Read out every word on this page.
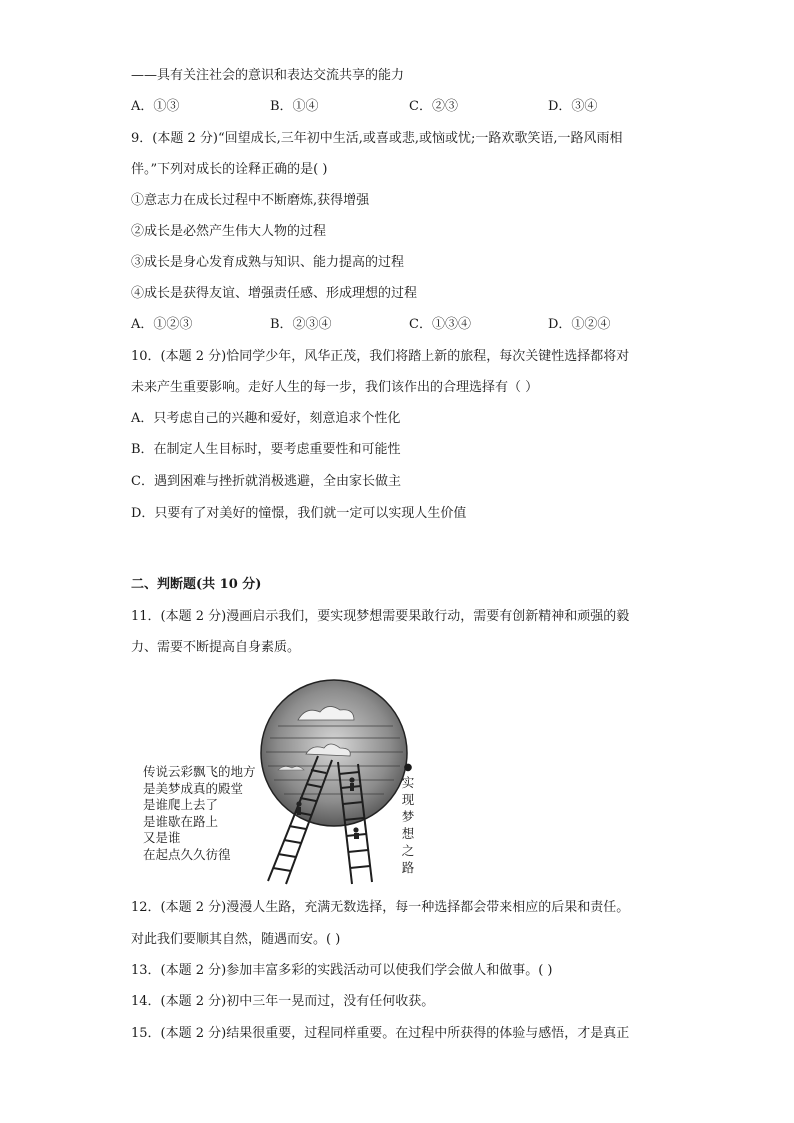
——具有关注社会的意识和表达交流共享的能力
A．①③	B．①④	C．②③	D．③④
9．(本题 2 分)“回望成长,三年初中生活,或喜或悲,或恼或忧;一路欢歌笑语,一路风雨相
伴。”下列对成长的诠释正确的是( )
①意志力在成长过程中不断磨炼,获得增强
②成长是必然产生伟大人物的过程
③成长是身心发育成熟与知识、能力提高的过程
④成长是获得友谊、增强责任感、形成理想的过程
A．①②③	B．②③④	C．①③④	D．①②④
10．(本题 2 分)恰同学少年，风华正茂，我们将踏上新的旅程，每次关键性选择都将对
未来产生重要影响。走好人生的每一步，我们该作出的合理选择有（ ）
A．只考虑自己的兴趣和爱好，刻意追求个性化
B．在制定人生目标时，要考虑重要性和可能性
C．遇到困难与挫折就消极逃避，全由家长做主
D．只要有了对美好的憧憬，我们就一定可以实现人生价值
二、判断题(共 10 分)
11．(本题 2 分)漫画启示我们，要实现梦想需要果敢行动，需要有创新精神和顽强的毅
力、需要不断提高自身素质。
传说云彩飘飞的地方
是美梦成真的殿堂
是谁爬上去了
是谁歇在路上
又是谁
在起点久久彷徨
●
实
现
梦
想
之
路
12．(本题 2 分)漫漫人生路，充满无数选择，每一种选择都会带来相应的后果和责任。
对此我们要顺其自然，随遇而安。( )
13．(本题 2 分)参加丰富多彩的实践活动可以使我们学会做人和做事。( )
14．(本题 2 分)初中三年一晃而过，没有任何收获。
15．(本题 2 分)结果很重要，过程同样重要。在过程中所获得的体验与感悟，才是真正
